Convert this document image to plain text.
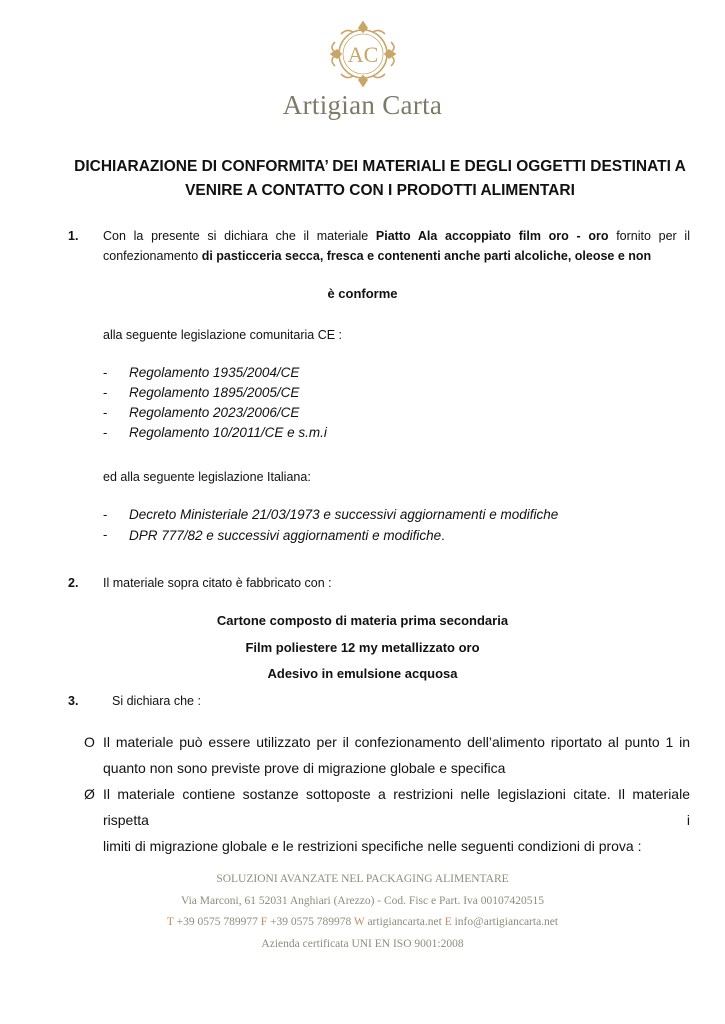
AC
Artigian Carta
DICHIARAZIONE DI CONFORMITA’ DEI MATERIALI E DEGLI OGGETTI DESTINATI A
VENIRE A CONTATTO CON I PRODOTTI ALIMENTARI
1. Con la presente si dichiara che il materiale Piatto Ala accoppiato film oro - oro fornito per il confezionamento di pasticceria secca, fresca e contenenti anche parti alcoliche, oleose e non
è conforme
alla seguente legislazione comunitaria CE :
- Regolamento 1935/2004/CE
- Regolamento 1895/2005/CE
- Regolamento 2023/2006/CE
- Regolamento 10/2011/CE e s.m.i
ed alla seguente legislazione Italiana:
- Decreto Ministeriale 21/03/1973 e successivi aggiornamenti e modifiche
- DPR 777/82 e successivi aggiornamenti e modifiche.
2. Il materiale sopra citato è fabbricato con :
Cartone composto di materia prima secondaria
Film poliestere 12 my metallizzato oro
Adesivo in emulsione acquosa
3.	Si dichiara che :
O Il materiale può essere utilizzato per il confezionamento dell’alimento riportato al punto 1 in
quanto non sono previste prove di migrazione globale e specifica
Ø Il materiale contiene sostanze sottoposte a restrizioni nelle legislazioni citate. Il materiale rispetta i
limiti di migrazione globale e le restrizioni specifiche nelle seguenti condizioni di prova :
SOLUZIONI AVANZATE NEL PACKAGING ALIMENTARE
Via Marconi, 61 52031 Anghiari (Arezzo) - Cod. Fisc e Part. Iva 00107420515
T +39 0575 789977 F +39 0575 789978 W artigiancarta.net E info@artigiancarta.net
Azienda certificata UNI EN ISO 9001:2008
